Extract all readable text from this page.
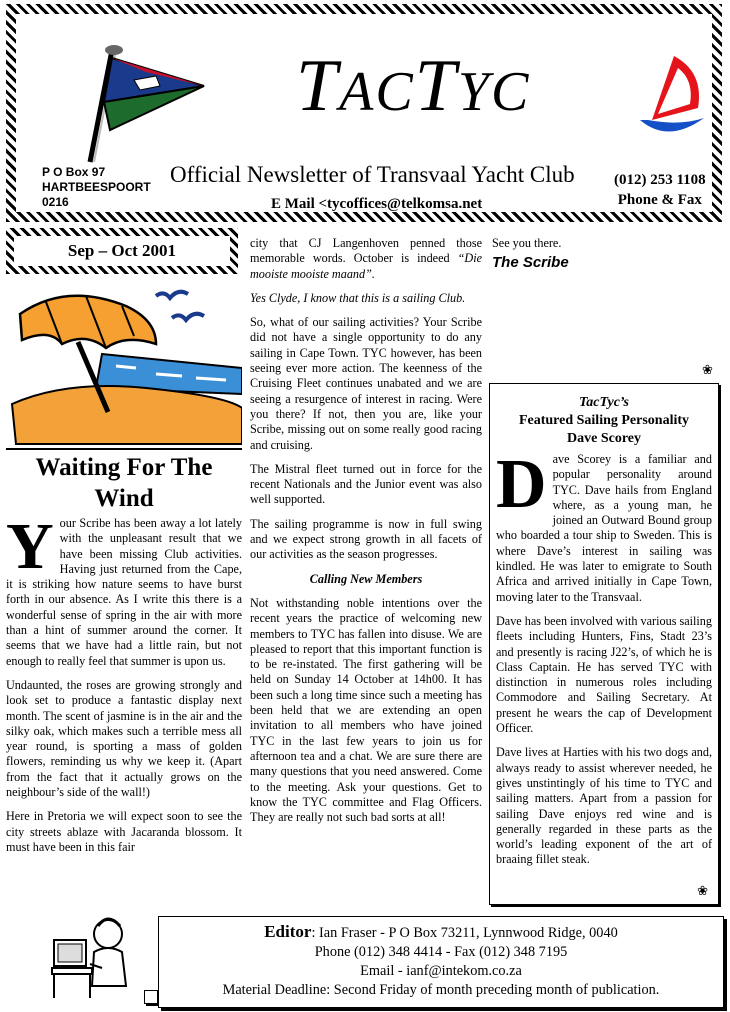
TACTYC
P O Box 97
HARTBEESPOORT
0216
Official Newsletter of Transvaal Yacht Club	(012) 253 1108
Phone & Fax
E Mail <tycoffices@telkomsa.net
Sep – Oct 2001
Waiting For The Wind

Your Scribe has been away a lot lately with the unpleasant result that we have been missing Club activities. Having just returned from the Cape, it is striking how nature seems to have burst forth in our absence. As I write this there is a wonderful sense of spring in the air with more than a hint of summer around the corner. It seems that we have had a little rain, but not enough to really feel that summer is upon us.

Undaunted, the roses are growing strongly and look set to produce a fantastic display next month. The scent of jasmine is in the air and the silky oak, which makes such a terrible mess all year round, is sporting a mass of golden flowers, reminding us why we keep it. (Apart from the fact that it actually grows on the neighbour’s side of the wall!)

Here in Pretoria we will expect soon to see the city streets ablaze with Jacaranda blossom. It must have been in this fair

city that CJ Langenhoven penned those memorable words. October is indeed “Die mooiste mooiste maand”.

Yes Clyde, I know that this is a sailing Club.

So, what of our sailing activities? Your Scribe did not have a single opportunity to do any sailing in Cape Town. TYC however, has been seeing ever more action. The keenness of the Cruising Fleet continues unabated and we are seeing a resurgence of interest in racing. Were you there? If not, then you are, like your Scribe, missing out on some really good racing and cruising.

The Mistral fleet turned out in force for the recent Nationals and the Junior event was also well supported.

The sailing programme is now in full swing and we expect strong growth in all facets of our activities as the season progresses.

Calling New Members

Not withstanding noble intentions over the recent years the practice of welcoming new members to TYC has fallen into disuse. We are pleased to report that this important function is to be re-instated. The first gathering will be held on Sunday 14 October at 14h00. It has been such a long time since such a meeting has been held that we are extending an open invitation to all members who have joined TYC in the last few years to join us for afternoon tea and a chat. We are sure there are many questions that you need answered. Come to the meeting. Ask your questions. Get to know the TYC committee and Flag Officers. They are really not such bad sorts at all!

See you there.

The Scribe

❀
TacTyc’s
Featured Sailing Personality
Dave Scorey

Dave Scorey is a familiar and popular personality around TYC. Dave hails from England where, as a young man, he joined an Outward Bound group who boarded a tour ship to Sweden. This is where Dave’s interest in sailing was kindled. He was later to emigrate to South Africa and arrived initially in Cape Town, moving later to the Transvaal.

Dave has been involved with various sailing fleets including Hunters, Fins, Stadt 23’s and presently is racing J22’s, of which he is Class Captain. He has served TYC with distinction in numerous roles including Commodore and Sailing Secretary. At present he wears the cap of Development Officer.

Dave lives at Harties with his two dogs and, always ready to assist wherever needed, he gives unstintingly of his time to TYC and sailing matters. Apart from a passion for sailing Dave enjoys red wine and is generally regarded in these parts as the world’s leading exponent of the art of braaing fillet steak.

❀
Editor: Ian Fraser - P O Box 73211, Lynnwood Ridge, 0040
Phone (012) 348 4414 - Fax (012) 348 7195
Email - ianf@intekom.co.za
Material Deadline: Second Friday of month preceding month of publication.
